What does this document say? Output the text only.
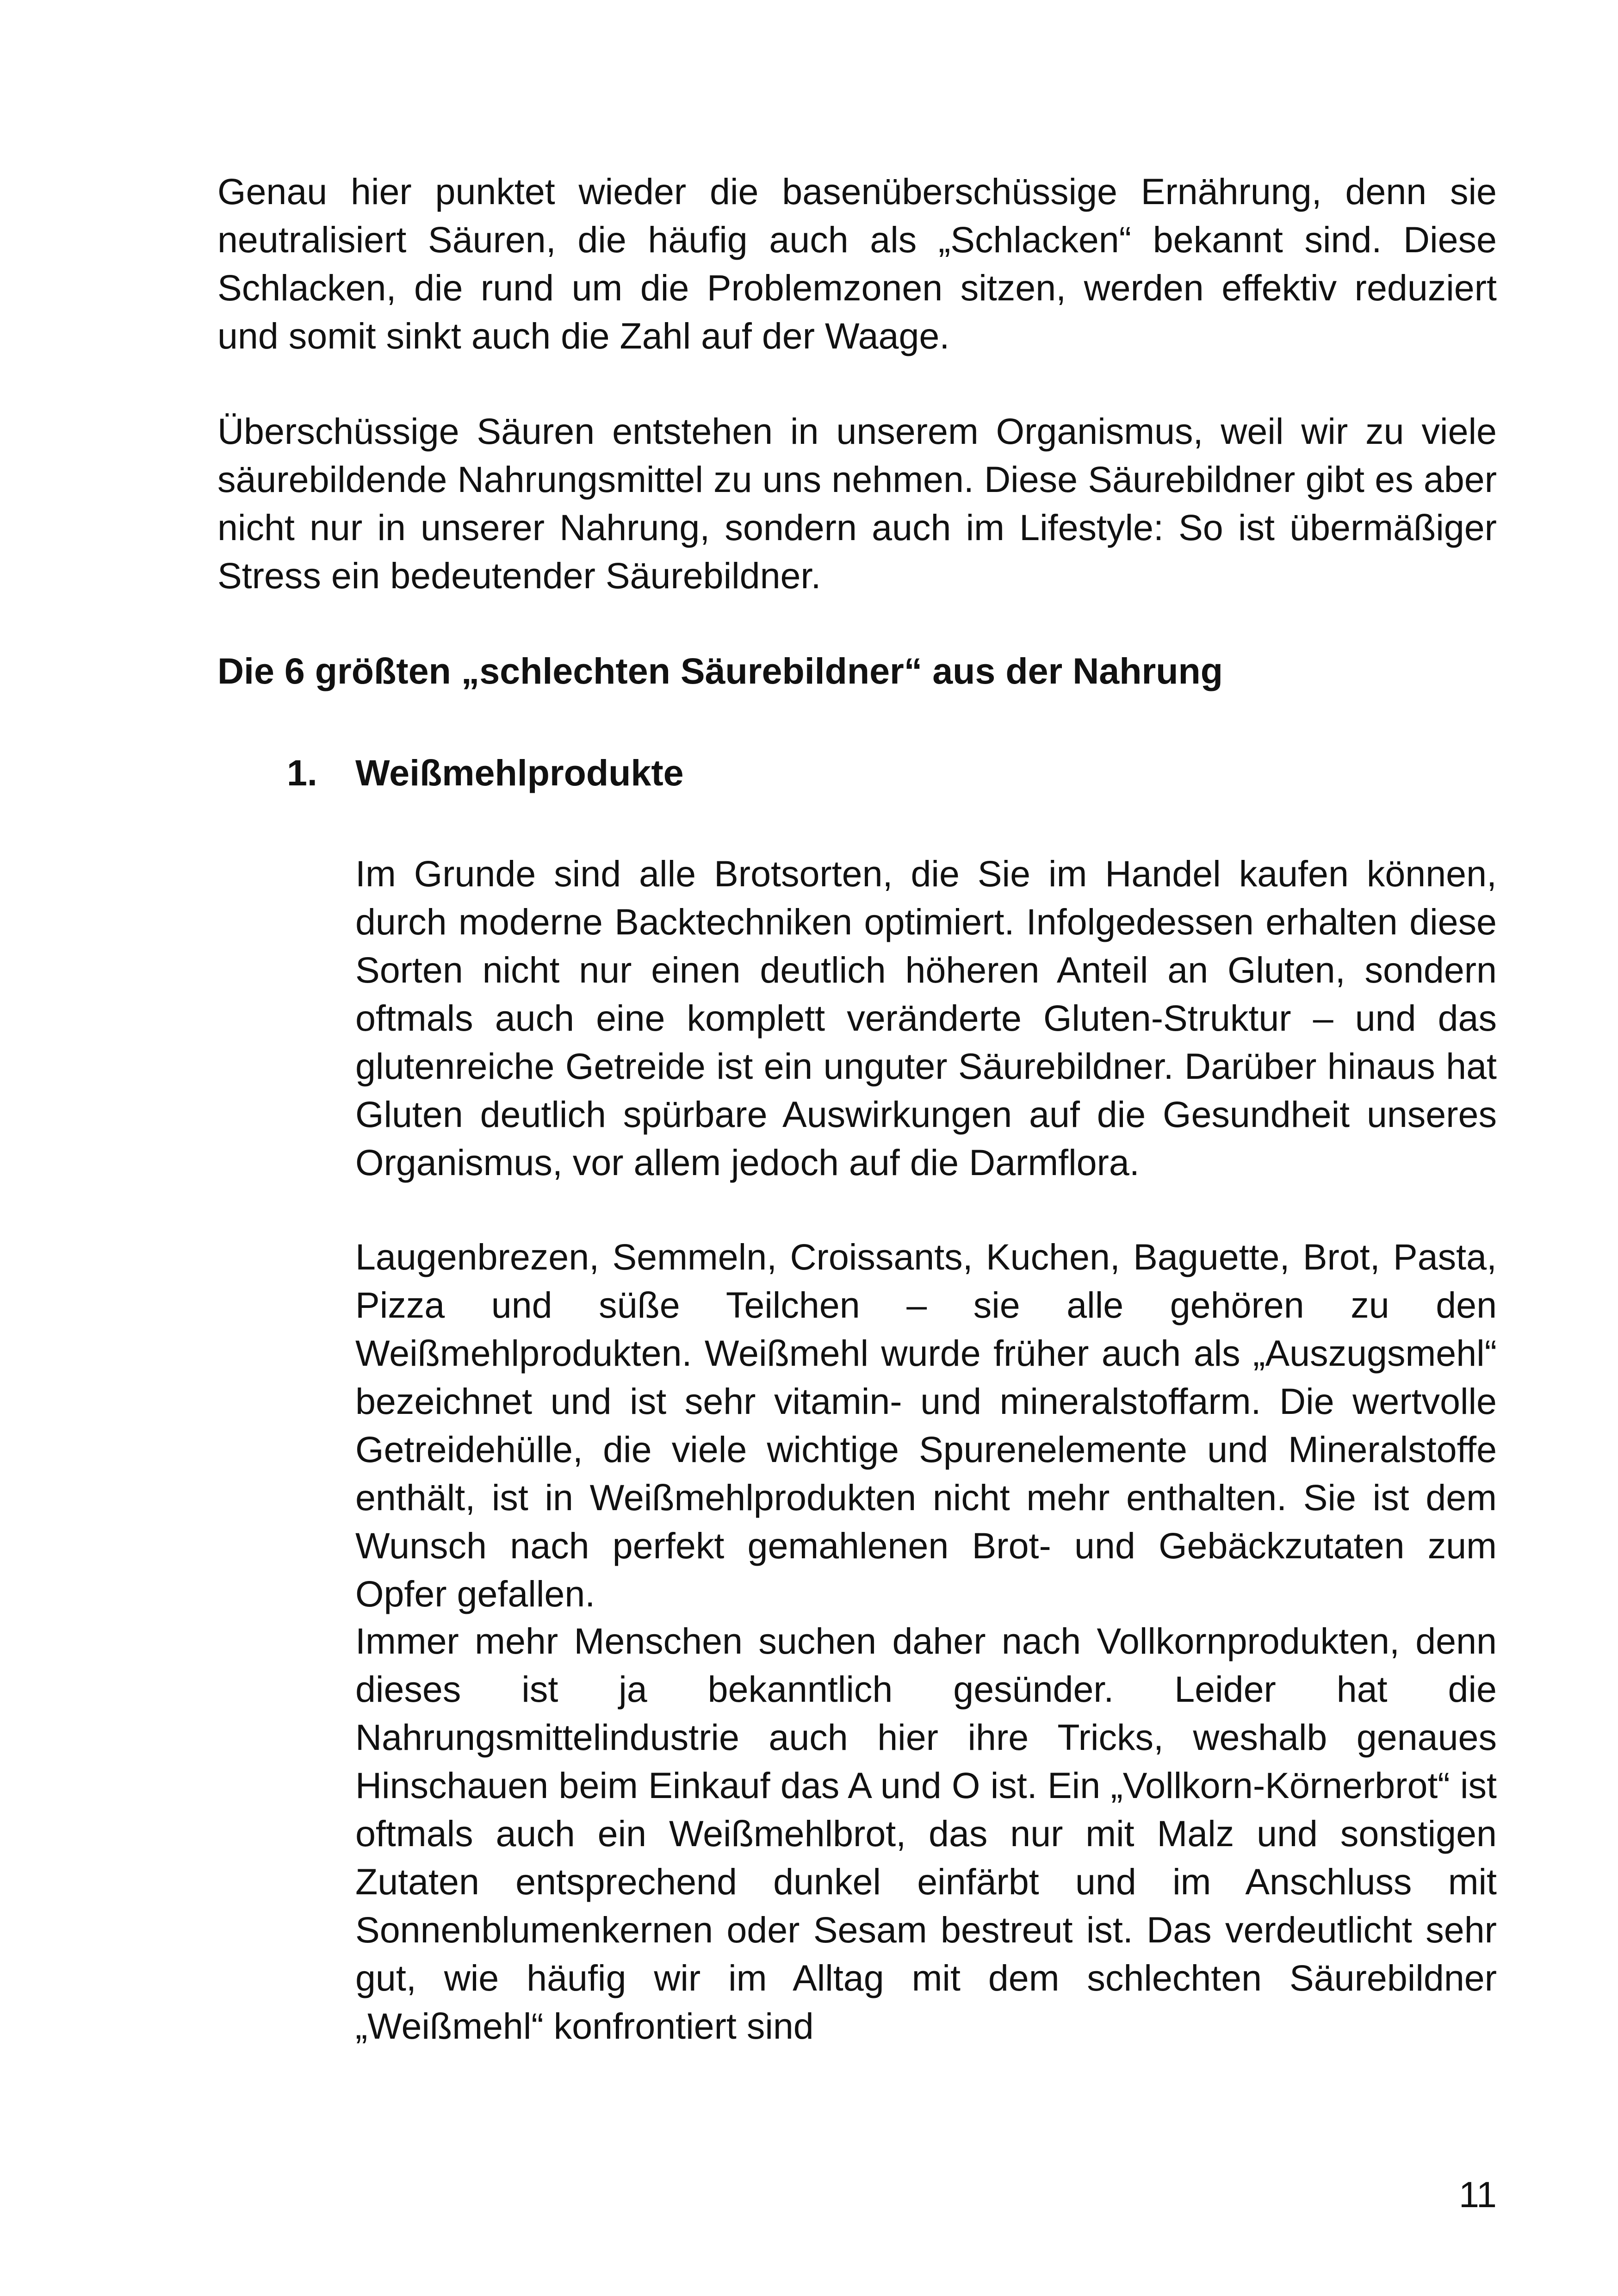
Genau hier punktet wieder die basenüberschüssige Ernährung, denn sie neutralisiert Säuren, die häufig auch als „Schlacken“ bekannt sind. Diese Schlacken, die rund um die Problemzonen sitzen, werden effektiv reduziert und somit sinkt auch die Zahl auf der Waage.

Überschüssige Säuren entstehen in unserem Organismus, weil wir zu viele säurebildende Nahrungsmittel zu uns nehmen. Diese Säurebildner gibt es aber nicht nur in unserer Nahrung, sondern auch im Lifestyle: So ist übermäßiger Stress ein bedeutender Säurebildner.

Die 6 größten „schlechten Säurebildner“ aus der Nahrung
1. Weißmehlprodukte

Im Grunde sind alle Brotsorten, die Sie im Handel kaufen können, durch moderne Backtechniken optimiert. Infolgedessen erhalten diese Sorten nicht nur einen deutlich höheren Anteil an Gluten, sondern oftmals auch eine komplett veränderte Gluten-Struktur – und das glutenreiche Getreide ist ein unguter Säurebildner. Darüber hinaus hat Gluten deutlich spürbare Auswirkungen auf die Gesundheit unseres Organismus, vor allem jedoch auf die Darmflora.

Laugenbrezen, Semmeln, Croissants, Kuchen, Baguette, Brot, Pasta, Pizza und süße Teilchen – sie alle gehören zu den Weißmehlprodukten. Weißmehl wurde früher auch als „Auszugsmehl“ bezeichnet und ist sehr vitamin- und mineralstoffarm. Die wertvolle Getreidehülle, die viele wichtige Spurenelemente und Mineralstoffe enthält, ist in Weißmehlprodukten nicht mehr enthalten. Sie ist dem Wunsch nach perfekt gemahlenen Brot- und Gebäckzutaten zum Opfer gefallen.

Immer mehr Menschen suchen daher nach Vollkornprodukten, denn dieses ist ja bekanntlich gesünder. Leider hat die Nahrungsmittelindustrie auch hier ihre Tricks, weshalb genaues Hinschauen beim Einkauf das A und O ist. Ein „Vollkorn-Körnerbrot“ ist oftmals auch ein Weißmehlbrot, das nur mit Malz und sonstigen Zutaten entsprechend dunkel einfärbt und im Anschluss mit Sonnenblumenkernen oder Sesam bestreut ist. Das verdeutlicht sehr gut, wie häufig wir im Alltag mit dem schlechten Säurebildner „Weißmehl“ konfrontiert sind

11
